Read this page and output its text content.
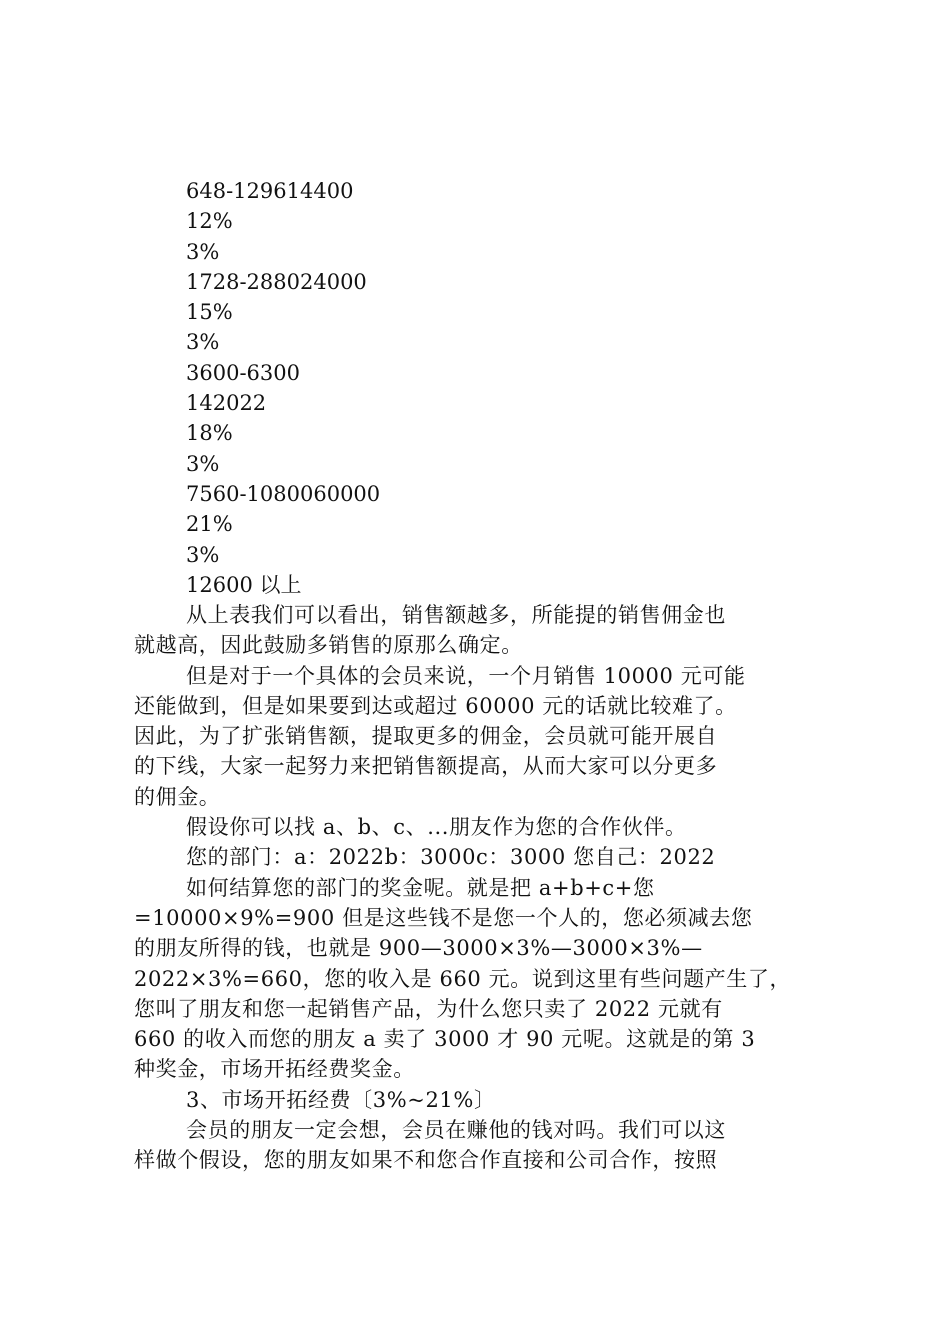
648-129614400
12%
3%
1728-288024000
15%
3%
3600-6300
142022
18%
3%
7560-1080060000
21%
3%
12600 以上
从上表我们可以看出，销售额越多，所能提的销售佣金也
就越高，因此鼓励多销售的原那么确定。
但是对于一个具体的会员来说，一个月销售 10000 元可能
还能做到，但是如果要到达或超过 60000 元的话就比较难了。
因此，为了扩张销售额，提取更多的佣金，会员就可能开展自
的下线，大家一起努力来把销售额提高，从而大家可以分更多
的佣金。
假设你可以找 a、b、c、...朋友作为您的合作伙伴。
您的部门：a：2022b：3000c：3000 您自己：2022
如何结算您的部门的奖金呢。就是把 a+b+c+您
=10000×9%=900 但是这些钱不是您一个人的，您必须减去您
的朋友所得的钱，也就是 900—3000×3%—3000×3%—
2022×3%=660，您的收入是 660 元。说到这里有些问题产生了，
您叫了朋友和您一起销售产品，为什么您只卖了 2022 元就有
660 的收入而您的朋友 a 卖了 3000 才 90 元呢。这就是的第 3
种奖金，市场开拓经费奖金。
3、市场开拓经费〔3%~21%〕
会员的朋友一定会想，会员在赚他的钱对吗。我们可以这
样做个假设，您的朋友如果不和您合作直接和公司合作，按照
